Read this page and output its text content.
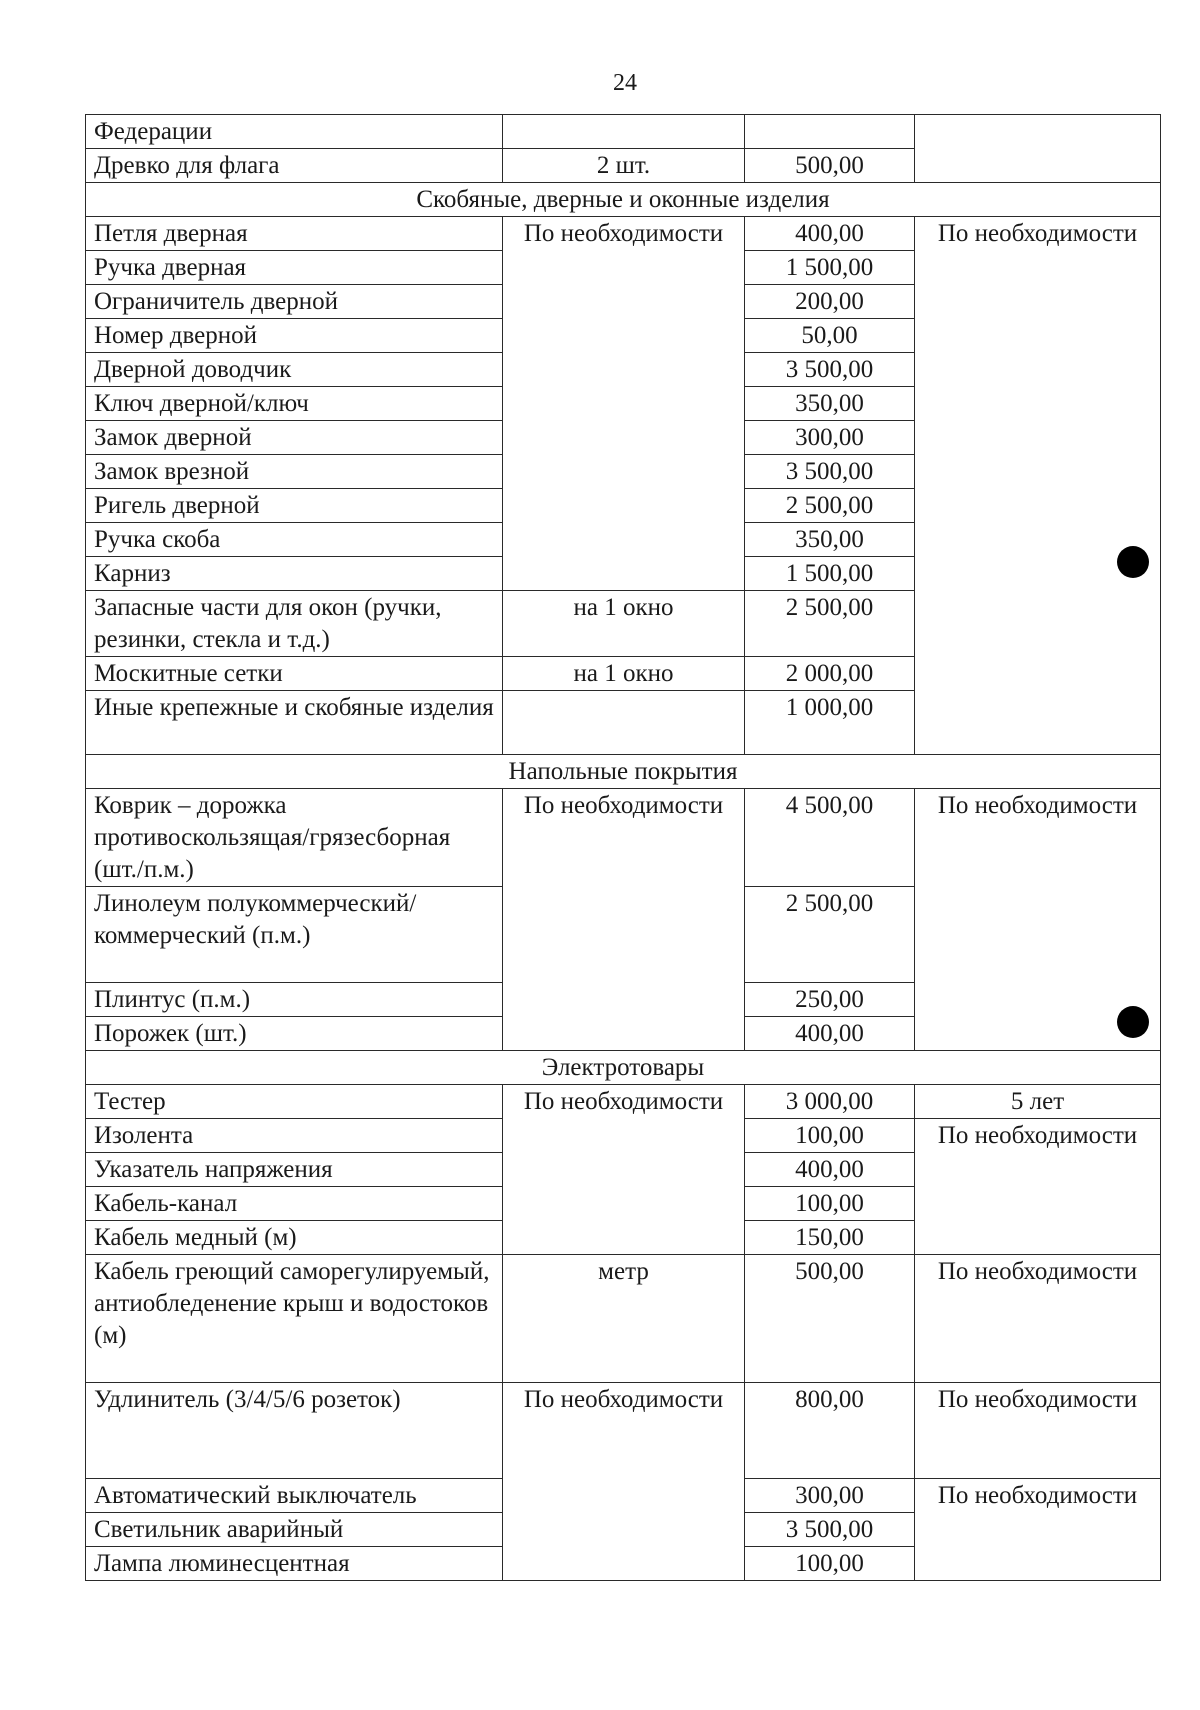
24
Федерации			
Древко для флага	2 шт.	500,00	
Скобяные, дверные и оконные изделия			
Петля дверная	По необходимости	400,00	По необходимости
Ручка дверная		1 500,00	
Ограничитель дверной		200,00	
Номер дверной		50,00	
Дверной доводчик		3 500,00	
Ключ дверной/ключ		350,00	
Замок дверной		300,00	
Замок врезной		3 500,00	
Ригель дверной		2 500,00	
Ручка скоба		350,00	
Карниз		1 500,00	
Запасные части для окон (ручки, резинки, стекла и т.д.)	на 1 окно	2 500,00	
Москитные сетки	на 1 окно	2 000,00	
Иные крепежные и скобяные изделия		1 000,00	
Напольные покрытия			
Коврик – дорожка противоскользящая/грязесборная (шт./п.м.)	По необходимости	4 500,00	По необходимости
Линолеум полукоммерческий/коммерческий (п.м.)		2 500,00	
Плинтус (п.м.)		250,00	
Порожек (шт.)		400,00	
Электротовары			
Тестер	По необходимости	3 000,00	5 лет
Изолента		100,00	По необходимости
Указатель напряжения		400,00	
Кабель-канал		100,00	
Кабель медный (м)		150,00	
Кабель греющий саморегулируемый, антиобледенение крыш и водостоков (м)	метр	500,00	По необходимости
Удлинитель (3/4/5/6 розеток)	По необходимости	800,00	По необходимости
Автоматический выключатель		300,00	По необходимости
Светильник аварийный		3 500,00	
Лампа люминесцентная		100,00	
